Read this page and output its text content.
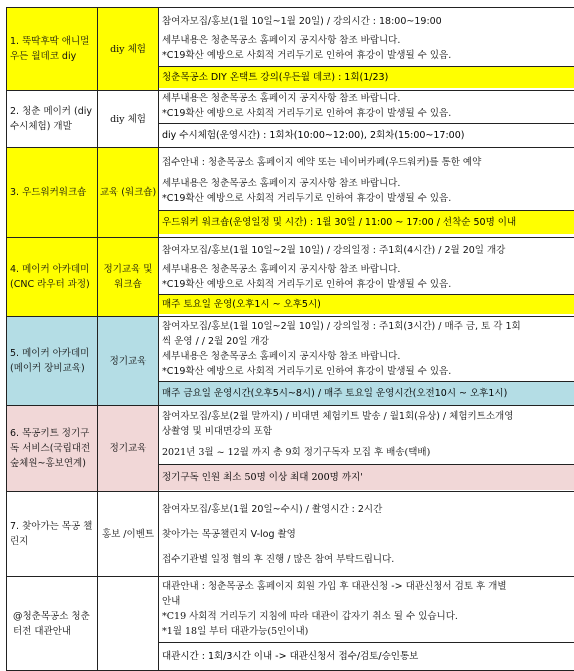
1. 뚝딱후딱 애니멀 우든 월데코 diy	diy 체험	참여자모집/홍보(1월 10일~1월 20일) / 강의시간 : 18:00~19:00
세부내용은 청춘목공소 홈페이지 공지사항 참조 바랍니다.
*C19확산 예방으로 사회적 거리두기로 인하여 휴강이 발생될 수 있음.
청춘목공소 DIY 온택트 강의(우든월 데코) : 1회(1/23)

2. 청춘 메이커 (diy 수시체험) 개발	diy 체험	세부내용은 청춘목공소 홈페이지 공지사항 참조 바랍니다.
*C19확산 예방으로 사회적 거리두기로 인하여 휴강이 발생될 수 있음.
diy 수시체험(운영시간) : 1회차(10:00~12:00), 2회차(15:00~17:00)

3. 우드워커워크숍	교육 (워크숍)	접수안내 : 청춘목공소 홈페이지 예약 또는 네이버카페(우드워커)를 통한 예약
세부내용은 청춘목공소 홈페이지 공지사항 참조 바랍니다.
*C19확산 예방으로 사회적 거리두기로 인하여 휴강이 발생될 수 있음.
우드워커 워크숍(운영일정 및 시간) : 1월 30일 / 11:00 ~ 17:00 / 선착순 50명 이내

4. 메이커 아카데미 (CNC 라우터 과정)	정기교육 및 워크숍	참여자모집/홍보(1월 10일~2월 10일) / 강의일정 : 주1회(4시간) / 2월 20일 개강
세부내용은 청춘목공소 홈페이지 공지사항 참조 바랍니다.
*C19확산 예방으로 사회적 거리두기로 인하여 휴강이 발생될 수 있음.
매주 토요일 운영(오후1시 ~ 오후5시)

5. 메이커 아카데미 (메이커 장비교육)	정기교육	참여자모집/홍보(1월 10일~2월 10일) / 강의일정 : 주1회(3시간) / 매주 금, 토 각 1회
씩 운영 / / 2월 20일 개강
세부내용은 청춘목공소 홈페이지 공지사항 참조 바랍니다.
*C19확산 예방으로 사회적 거리두기로 인하여 휴강이 발생될 수 있음.
매주 금요일 운영시간(오후5시~8시) / 매주 토요일 운영시간(오전10시 ~ 오후1시)

6. 목공키트 정기구독 서비스(국립대전숲체원~홍보연계)	정기교육	참여자모집/홍보(2월 말까지) / 비대면 체험키트 발송 / 월1회(유상) / 체험키트소개영
상촬영 및 비대면강의 포함
2021년 3월 ~ 12월 까지 총 9회 정기구독자 모집 후 배송(택배)
정기구독 인원 최소 50명 이상 최대 200명 까지'

7. 찾아가는 목공 챌린지	홍보 /이벤트	참여자모집/홍보(1월 20일~수시) / 촬영시간 : 2시간
찾아가는 목공챌린지 V-log 촬영
접수기관별 일정 협의 후 진행 / 많은 참여 부탁드립니다.

@청춘목공소 청춘터전 대관안내		대관안내 : 청춘목공소 홈페이지 회원 가입 후 대관신청 -> 대관신청서 검토 후 개별
안내
*C19 사회적 거리두기 지침에 따라 대관이 갑자기 취소 될 수 있습니다.
*1월 18일 부터 대관가능(5인이내)
대관시간 : 1회/3시간 이내 -> 대관신청서 접수/검토/승인통보
